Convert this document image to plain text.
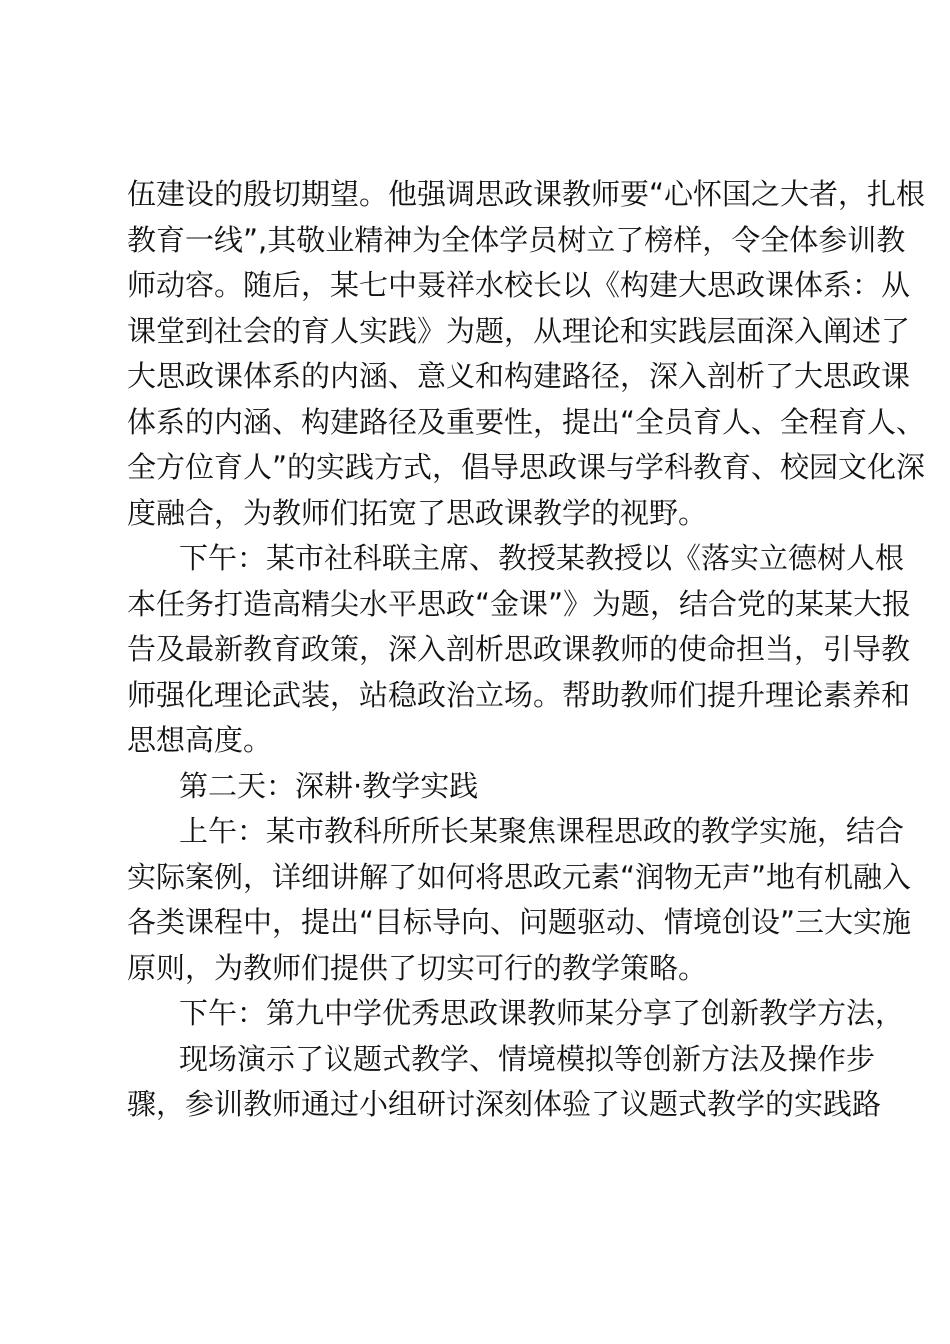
伍建设的殷切期望。他强调思政课教师要“心怀国之大者，扎根
教育一线”,其敬业精神为全体学员树立了榜样，令全体参训教
师动容。随后，某七中聂祥水校长以《构建大思政课体系：从
课堂到社会的育人实践》为题，从理论和实践层面深入阐述了
大思政课体系的内涵、意义和构建路径，深入剖析了大思政课
体系的内涵、构建路径及重要性，提出“全员育人、全程育人、
全方位育人”的实践方式，倡导思政课与学科教育、校园文化深
度融合，为教师们拓宽了思政课教学的视野。
下午：某市社科联主席、教授某教授以《落实立德树人根
本任务打造高精尖水平思政“金课”》为题，结合党的某某大报
告及最新教育政策，深入剖析思政课教师的使命担当，引导教
师强化理论武装，站稳政治立场。帮助教师们提升理论素养和
思想高度。
第二天：深耕·教学实践
上午：某市教科所所长某聚焦课程思政的教学实施，结合
实际案例，详细讲解了如何将思政元素“润物无声”地有机融入
各类课程中，提出“目标导向、问题驱动、情境创设”三大实施
原则，为教师们提供了切实可行的教学策略。
下午：第九中学优秀思政课教师某分享了创新教学方法，
现场演示了议题式教学、情境模拟等创新方法及操作步
骤，参训教师通过小组研讨深刻体验了议题式教学的实践路
